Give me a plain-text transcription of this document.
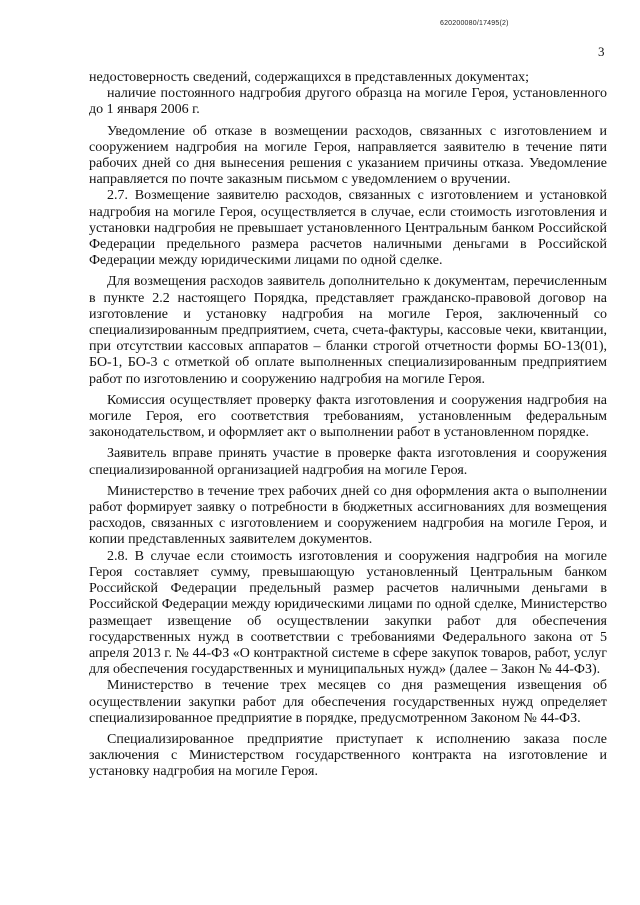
620200080/17495(2)
3

недостоверность сведений, содержащихся в представленных документах;

наличие постоянного надгробия другого образца на могиле Героя, установленного до 1 января 2006 г.

Уведомление об отказе в возмещении расходов, связанных с изготовлением и сооружением надгробия на могиле Героя, направляется заявителю в течение пяти рабочих дней со дня вынесения решения с указанием причины отказа. Уведомление направляется по почте заказным письмом с уведомлением о вручении.

2.7. Возмещение заявителю расходов, связанных с изготовлением и установкой надгробия на могиле Героя, осуществляется в случае, если стоимость изготовления и установки надгробия не превышает установленного Центральным банком Российской Федерации предельного размера расчетов наличными деньгами в Российской Федерации между юридическими лицами по одной сделке.

Для возмещения расходов заявитель дополнительно к документам, перечисленным в пункте 2.2 настоящего Порядка, представляет гражданско-правовой договор на изготовление и установку надгробия на могиле Героя, заключенный со специализированным предприятием, счета, счета-фактуры, кассовые чеки, квитанции, при отсутствии кассовых аппаратов – бланки строгой отчетности формы БО-13(01), БО-1, БО-3 с отметкой об оплате выполненных специализированным предприятием работ по изготовлению и сооружению надгробия на могиле Героя.

Комиссия осуществляет проверку факта изготовления и сооружения надгробия на могиле Героя, его соответствия требованиям, установленным федеральным законодательством, и оформляет акт о выполнении работ в установленном порядке.

Заявитель вправе принять участие в проверке факта изготовления и сооружения специализированной организацией надгробия на могиле Героя.

Министерство в течение трех рабочих дней со дня оформления акта о выполнении работ формирует заявку о потребности в бюджетных ассигнованиях для возмещения расходов, связанных с изготовлением и сооружением надгробия на могиле Героя, и копии представленных заявителем документов.

2.8. В случае если стоимость изготовления и сооружения надгробия на могиле Героя составляет сумму, превышающую установленный Центральным банком Российской Федерации предельный размер расчетов наличными деньгами в Российской Федерации между юридическими лицами по одной сделке, Министерство размещает извещение об осуществлении закупки работ для обеспечения государственных нужд в соответствии с требованиями Федерального закона от 5 апреля 2013 г. № 44-ФЗ «О контрактной системе в сфере закупок товаров, работ, услуг для обеспечения государственных и муниципальных нужд» (далее – Закон № 44-ФЗ).

Министерство в течение трех месяцев со дня размещения извещения об осуществлении закупки работ для обеспечения государственных нужд определяет специализированное предприятие в порядке, предусмотренном Законом № 44-ФЗ.

Специализированное предприятие приступает к исполнению заказа после заключения с Министерством государственного контракта на изготовление и установку надгробия на могиле Героя.
